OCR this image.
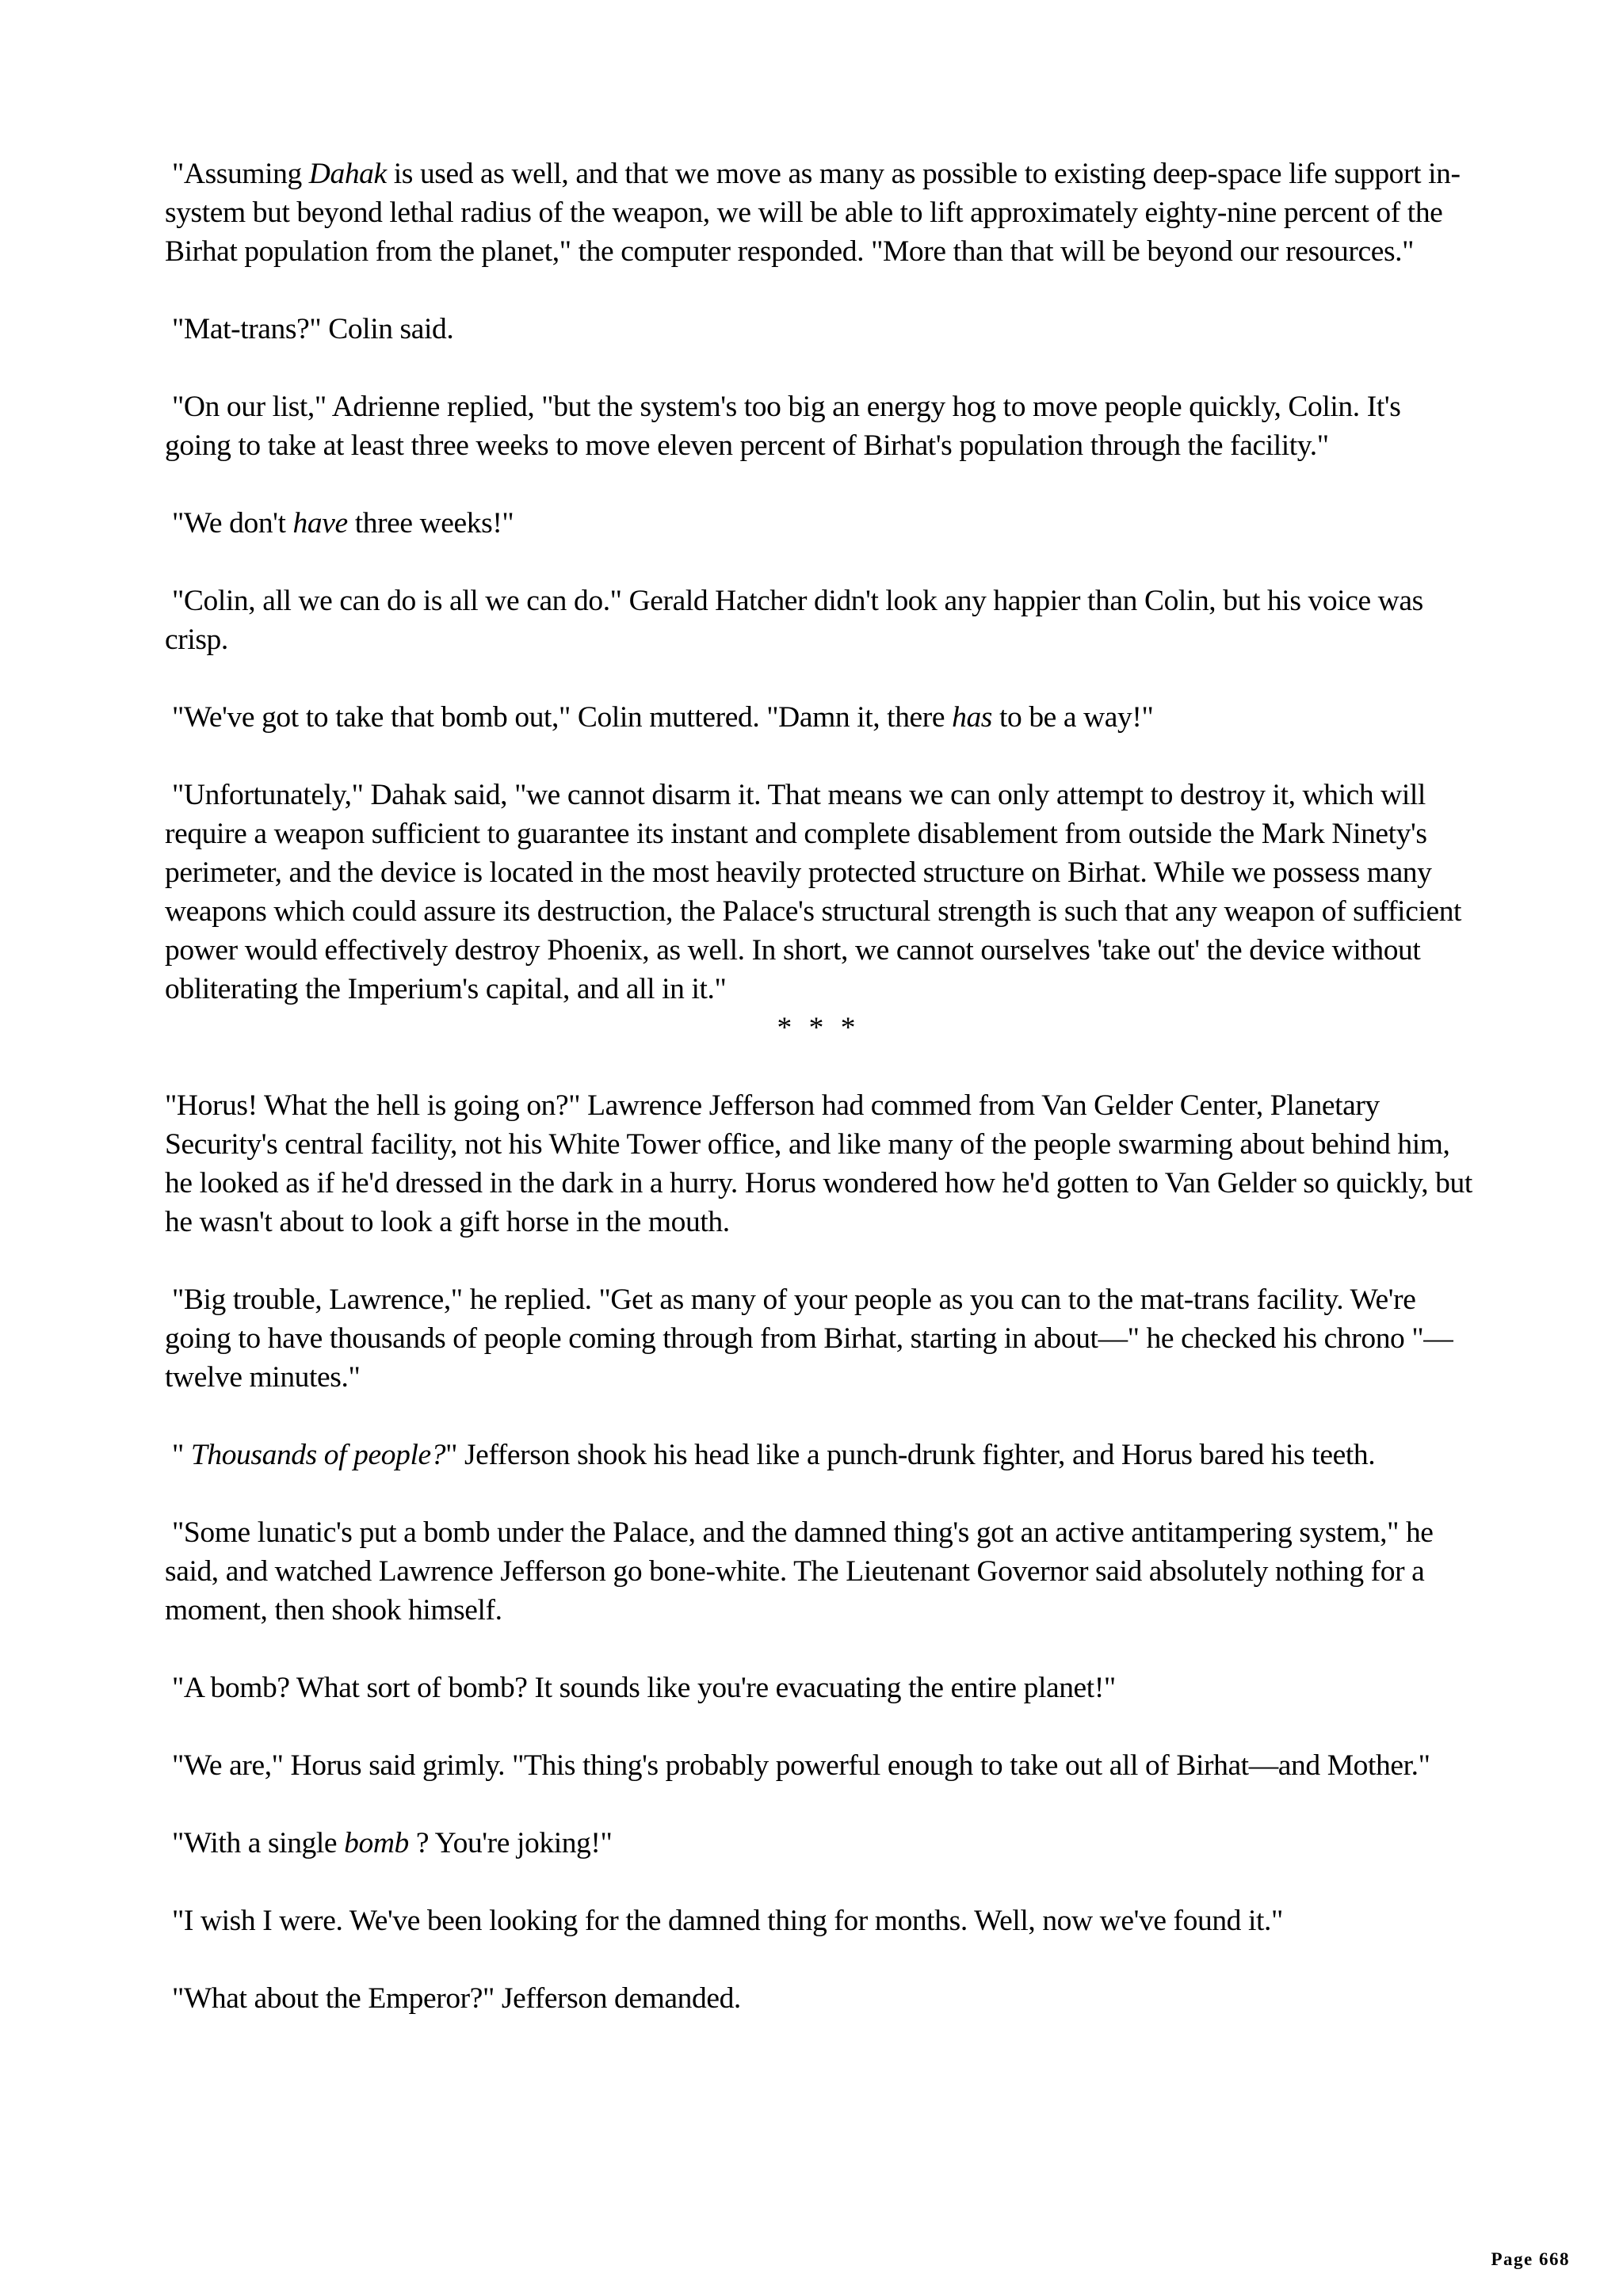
"Assuming Dahak is used as well, and that we move as many as possible to existing deep-space life support in-system but beyond lethal radius of the weapon, we will be able to lift approximately eighty-nine percent of the Birhat population from the planet," the computer responded. "More than that will be beyond our resources."

"Mat-trans?" Colin said.

"On our list," Adrienne replied, "but the system's too big an energy hog to move people quickly, Colin. It's going to take at least three weeks to move eleven percent of Birhat's population through the facility."

"We don't have three weeks!"

"Colin, all we can do is all we can do." Gerald Hatcher didn't look any happier than Colin, but his voice was crisp.

"We've got to take that bomb out," Colin muttered. "Damn it, there has to be a way!"

"Unfortunately," Dahak said, "we cannot disarm it. That means we can only attempt to destroy it, which will require a weapon sufficient to guarantee its instant and complete disablement from outside the Mark Ninety's perimeter, and the device is located in the most heavily protected structure on Birhat. While we possess many weapons which could assure its destruction, the Palace's structural strength is such that any weapon of sufficient power would effectively destroy Phoenix, as well. In short, we cannot ourselves 'take out' the device without obliterating the Imperium's capital, and all in it."

* * *

"Horus! What the hell is going on?" Lawrence Jefferson had commed from Van Gelder Center, Planetary Security's central facility, not his White Tower office, and like many of the people swarming about behind him, he looked as if he'd dressed in the dark in a hurry. Horus wondered how he'd gotten to Van Gelder so quickly, but he wasn't about to look a gift horse in the mouth.

"Big trouble, Lawrence," he replied. "Get as many of your people as you can to the mat-trans facility. We're going to have thousands of people coming through from Birhat, starting in about—" he checked his chrono "—twelve minutes."

" Thousands of people?" Jefferson shook his head like a punch-drunk fighter, and Horus bared his teeth.

"Some lunatic's put a bomb under the Palace, and the damned thing's got an active antitampering system," he said, and watched Lawrence Jefferson go bone-white. The Lieutenant Governor said absolutely nothing for a moment, then shook himself.

"A bomb? What sort of bomb? It sounds like you're evacuating the entire planet!"

"We are," Horus said grimly. "This thing's probably powerful enough to take out all of Birhat—and Mother."

"With a single bomb ? You're joking!"

"I wish I were. We've been looking for the damned thing for months. Well, now we've found it."

"What about the Emperor?" Jefferson demanded.

Page 668
